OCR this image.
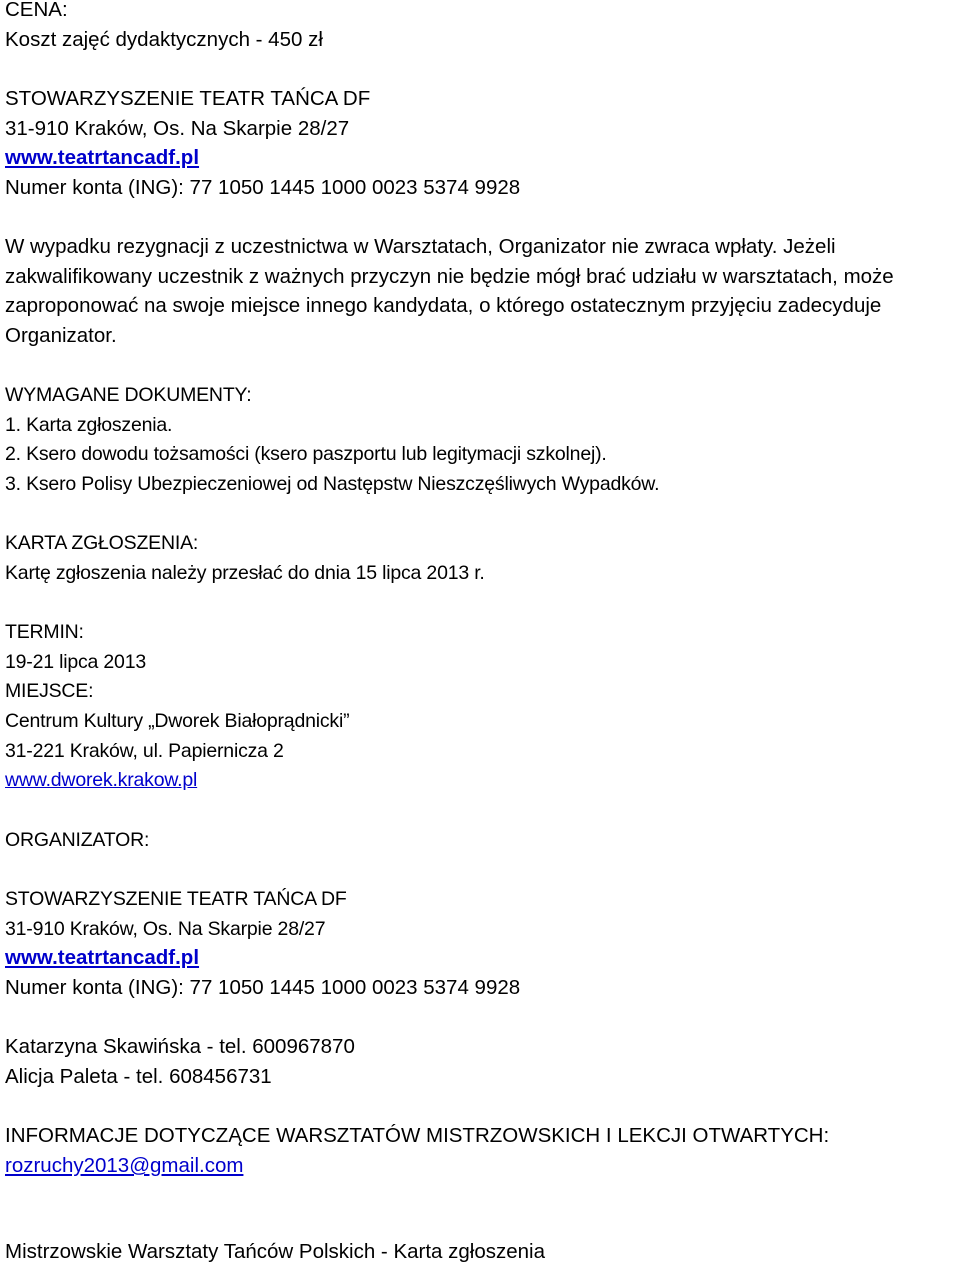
CENA:
Koszt zajęć dydaktycznych - 450 zł
STOWARZYSZENIE TEATR TAŃCA DF
31-910 Kraków, Os. Na Skarpie 28/27
www.teatrtancadf.pl
Numer konta (ING): 77 1050 1445 1000 0023 5374 9928
W wypadku rezygnacji z uczestnictwa w Warsztatach, Organizator nie zwraca wpłaty. Jeżeli
zakwalifikowany uczestnik z ważnych przyczyn nie będzie mógł brać udziału w warsztatach, może
zaproponować na swoje miejsce innego kandydata, o którego ostatecznym przyjęciu zadecyduje
Organizator.
WYMAGANE DOKUMENTY:
1. Karta zgłoszenia.
2. Ksero dowodu tożsamości (ksero paszportu lub legitymacji szkolnej).
3. Ksero Polisy Ubezpieczeniowej od Następstw Nieszczęśliwych Wypadków.
KARTA ZGŁOSZENIA:
Kartę zgłoszenia należy przesłać do dnia 15 lipca 2013 r.
TERMIN:
19-21 lipca 2013
MIEJSCE:
Centrum Kultury „Dworek Białoprądnicki”
31-221 Kraków, ul. Papiernicza 2
www.dworek.krakow.pl
ORGANIZATOR:
STOWARZYSZENIE TEATR TAŃCA DF
31-910 Kraków, Os. Na Skarpie 28/27
www.teatrtancadf.pl
Numer konta (ING): 77 1050 1445 1000 0023 5374 9928
Katarzyna Skawińska - tel. 600967870
Alicja Paleta - tel. 608456731
INFORMACJE DOTYCZĄCE WARSZTATÓW MISTRZOWSKICH I LEKCJI OTWARTYCH:
rozruchy2013@gmail.com
Mistrzowskie Warsztaty Tańców Polskich - Karta zgłoszenia
